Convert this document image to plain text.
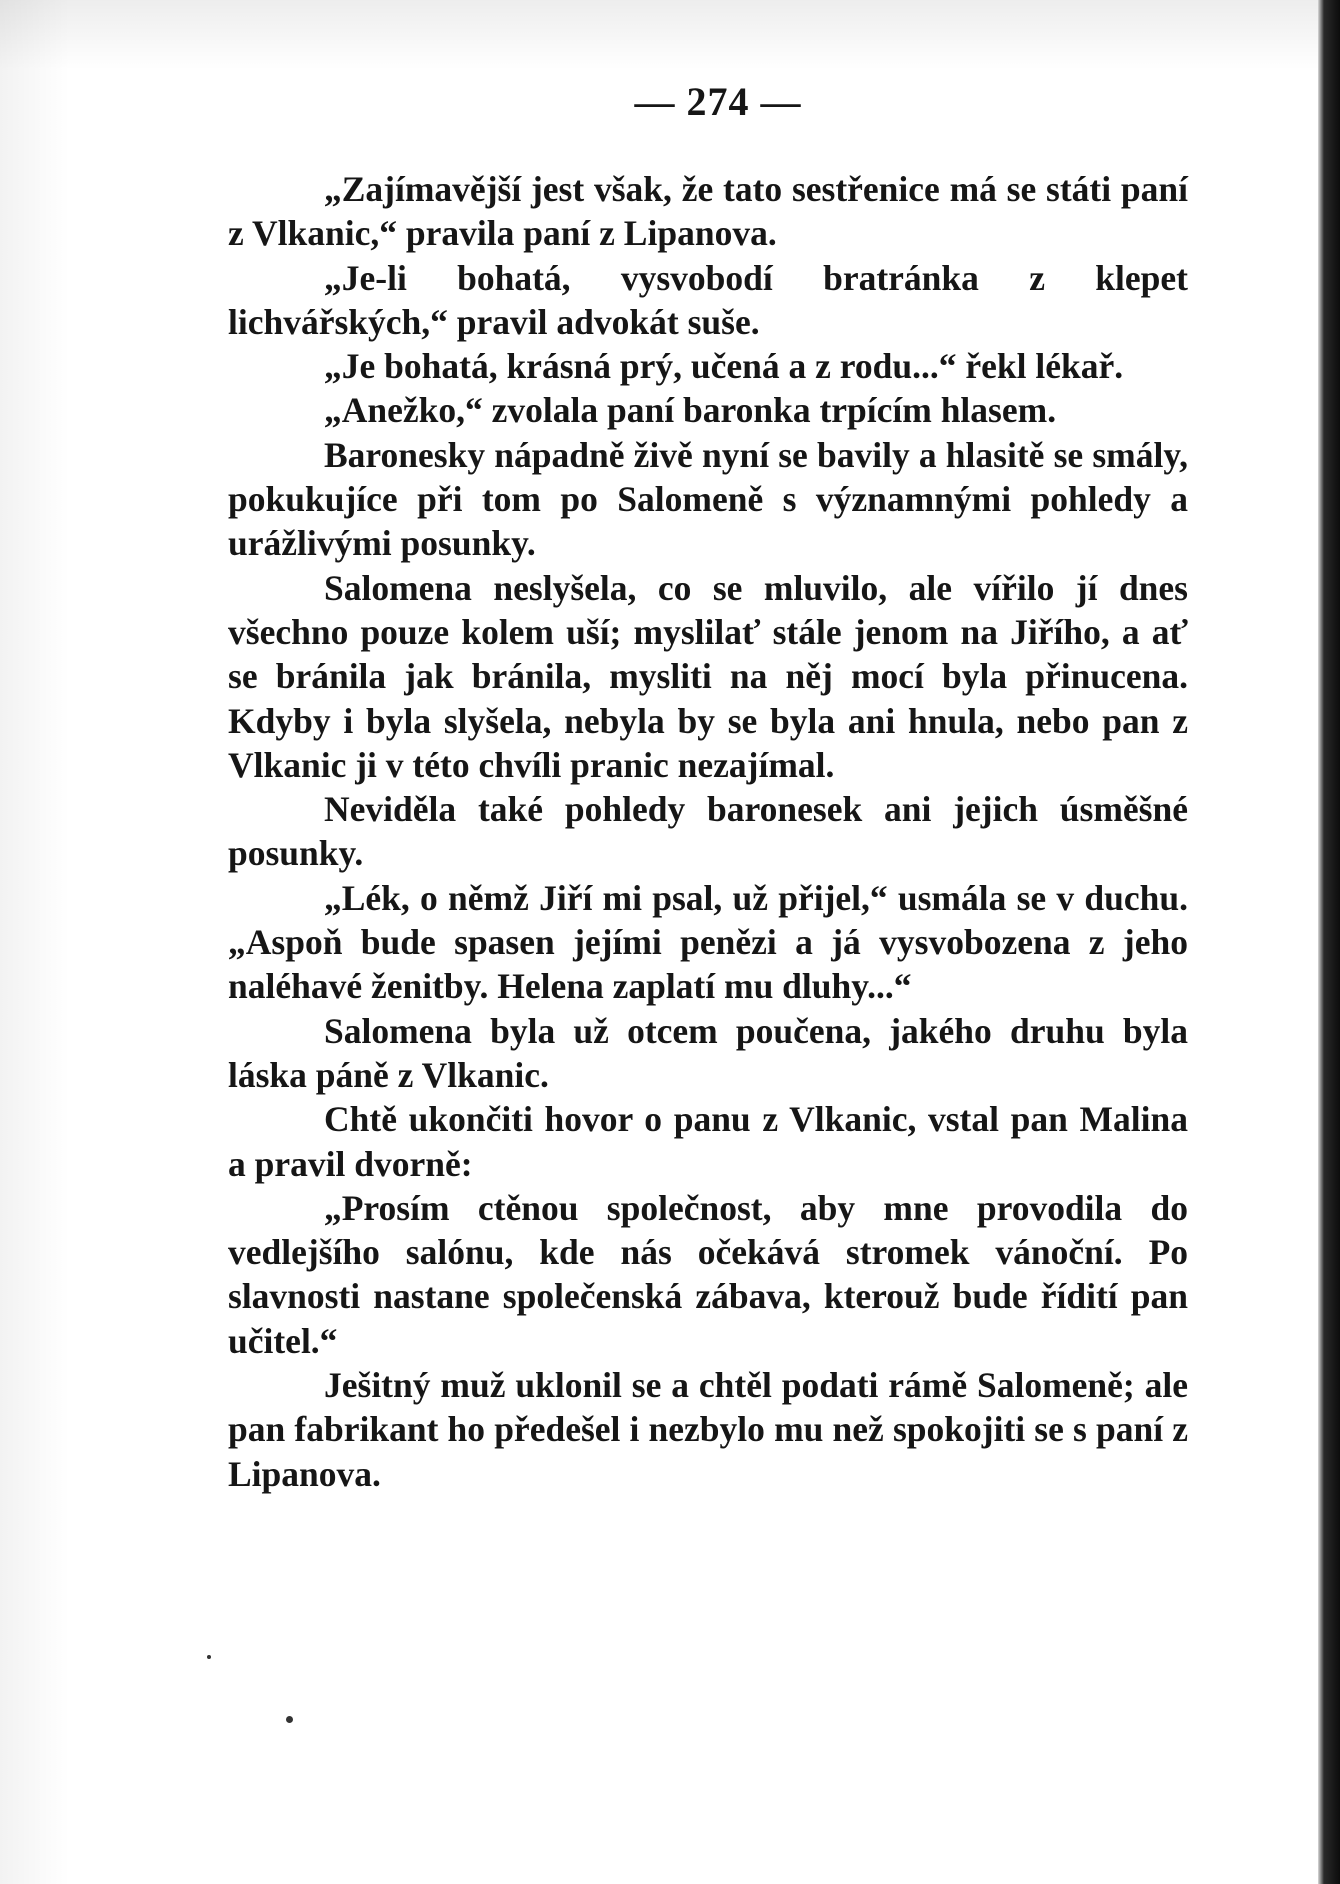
— 274 —

„Zajímavější jest však, že tato sestřenice má se státi paní z Vlkanic,“ pravila paní z Lipanova.

„Je-li bohatá, vysvobodí bratránka z klepet lichvářských,“ pravil advokát suše.

„Je bohatá, krásná prý, učená a z rodu...“ řekl lékař.

„Anežko,“ zvolala paní baronka trpícím hlasem.

Baronesky nápadně živě nyní se bavily a hlasitě se smály, pokukujíce při tom po Salomeně s významnými pohledy a urážlivými posunky.

Salomena neslyšela, co se mluvilo, ale vířilo jí dnes všechno pouze kolem uší; myslilať stále jenom na Jiřího, a ať se bránila jak bránila, mysliti na něj mocí byla přinucena. Kdyby i byla slyšela, nebyla by se byla ani hnula, nebo pan z Vlkanic ji v této chvíli pranic nezajímal.

Neviděla také pohledy baronesek ani jejich úsměšné posunky.

„Lék, o němž Jiří mi psal, už přijel,“ usmála se v duchu. „Aspoň bude spasen jejími penězi a já vysvobozena z jeho naléhavé ženitby. Helena zaplatí mu dluhy...“

Salomena byla už otcem poučena, jakého druhu byla láska páně z Vlkanic.

Chtě ukončiti hovor o panu z Vlkanic, vstal pan Malina a pravil dvorně:

„Prosím ctěnou společnost, aby mne provodila do vedlejšího salónu, kde nás očekává stromek vánoční. Po slavnosti nastane společenská zábava, kterouž bude řídití pan učitel.“

Ješitný muž uklonil se a chtěl podati rámě Salomeně; ale pan fabrikant ho předešel i nezbylo mu než spokojiti se s paní z Lipanova.
